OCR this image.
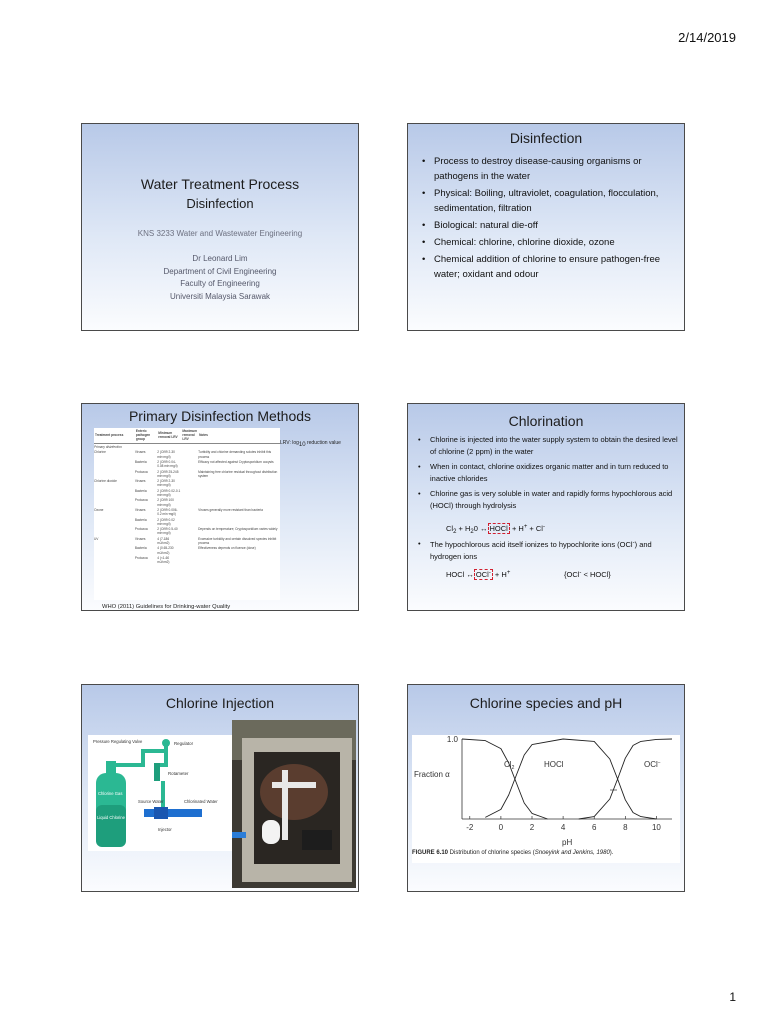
2/14/2019
Water Treatment Process
Disinfection
KNS 3233 Water and Wastewater Engineering
Dr Leonard Lim
Department of Civil Engineering
Faculty of Engineering
Universiti Malaysia Sarawak
Disinfection
• Process to destroy disease-causing organisms or pathogens in the water
• Physical: Boiling, ultraviolet, coagulation, flocculation, sedimentation, filtration
• Biological: natural die-off
• Chemical: chlorine, chlorine dioxide, ozone
• Chemical addition of chlorine to ensure pathogen-free water; oxidant and odour
Primary Disinfection Methods
Treatment process	Enteric pathogen group	Minimum removal LRV	Maximum removal LRV	Notes
Primary disinfection				
Chlorine	Viruses	2 (Ct99 2-30 min·mg/l)		Turbidity and chlorine demanding solutes inhibit this process
	Bacteria	2 (Ct99 0.04-0.08 min·mg/l)		Efficacy not affected against Cryptosporidium oocysts
	Protozoa	2 (Ct99 25-245 min·mg/l)		Maintaining free chlorine residual throughout distribution system
Chlorine dioxide	Viruses	2 (Ct99 2-30 min·mg/l)		
	Bacteria	2 (Ct99 0.02-0.1 min·mg/l)		
	Protozoa	2 (Ct99 100 min·mg/l)		
Ozone	Viruses	2 (Ct99 0.006-0.2 min·mg/l)		Viruses generally more resistant than bacteria
	Bacteria	2 (Ct99 0.02 min·mg/l)		
	Protozoa	2 (Ct99 0.5-40 min·mg/l)		Depends on temperature; Cryptosporidium varies widely
UV	Viruses	4 (7-186 mJ/cm2)		Excessive turbidity and certain dissolved species inhibit process
	Bacteria	4 (0.65-230 mJ/cm2)		Effectiveness depends on fluence (dose)
	Protozoa	4 (<1-60 mJ/cm2)		
LRV: log10 reduction value
WHO (2011) Guidelines for Drinking-water Quality
Chlorination
• Chlorine is injected into the water supply system to obtain the desired level of chlorine (2 ppm) in the water
• When in contact, chlorine oxidizes organic matter and in turn reduced to inactive chlorides
• Chlorine gas is very soluble in water and rapidly forms hypochlorous acid (HOCl) through hydrolysis
$Cl_2 + H_20$ ↔ HOCl + H+ + Cl-
• The hypochlorous acid itself ionizes to hypochlorite ions (OCl-) and hydrogen ions
HOCl ↔ OCl- + H+	{OCl- < HOCl}
Chlorine Injection
Pressure Regulating Valve	Regulator
Rotameter
Chlorine Gas
Liquid Chlorine
Source Water	Chlorinated Water
Injector
Chlorine species and pH
-2	0	2	4	6	8	10
1.0
Fraction α
pH
$Cl_2$	HOCl	OCl−
FIGURE 6.10 Distribution of chlorine species (Snoeyink and Jenkins, 1980).
1
